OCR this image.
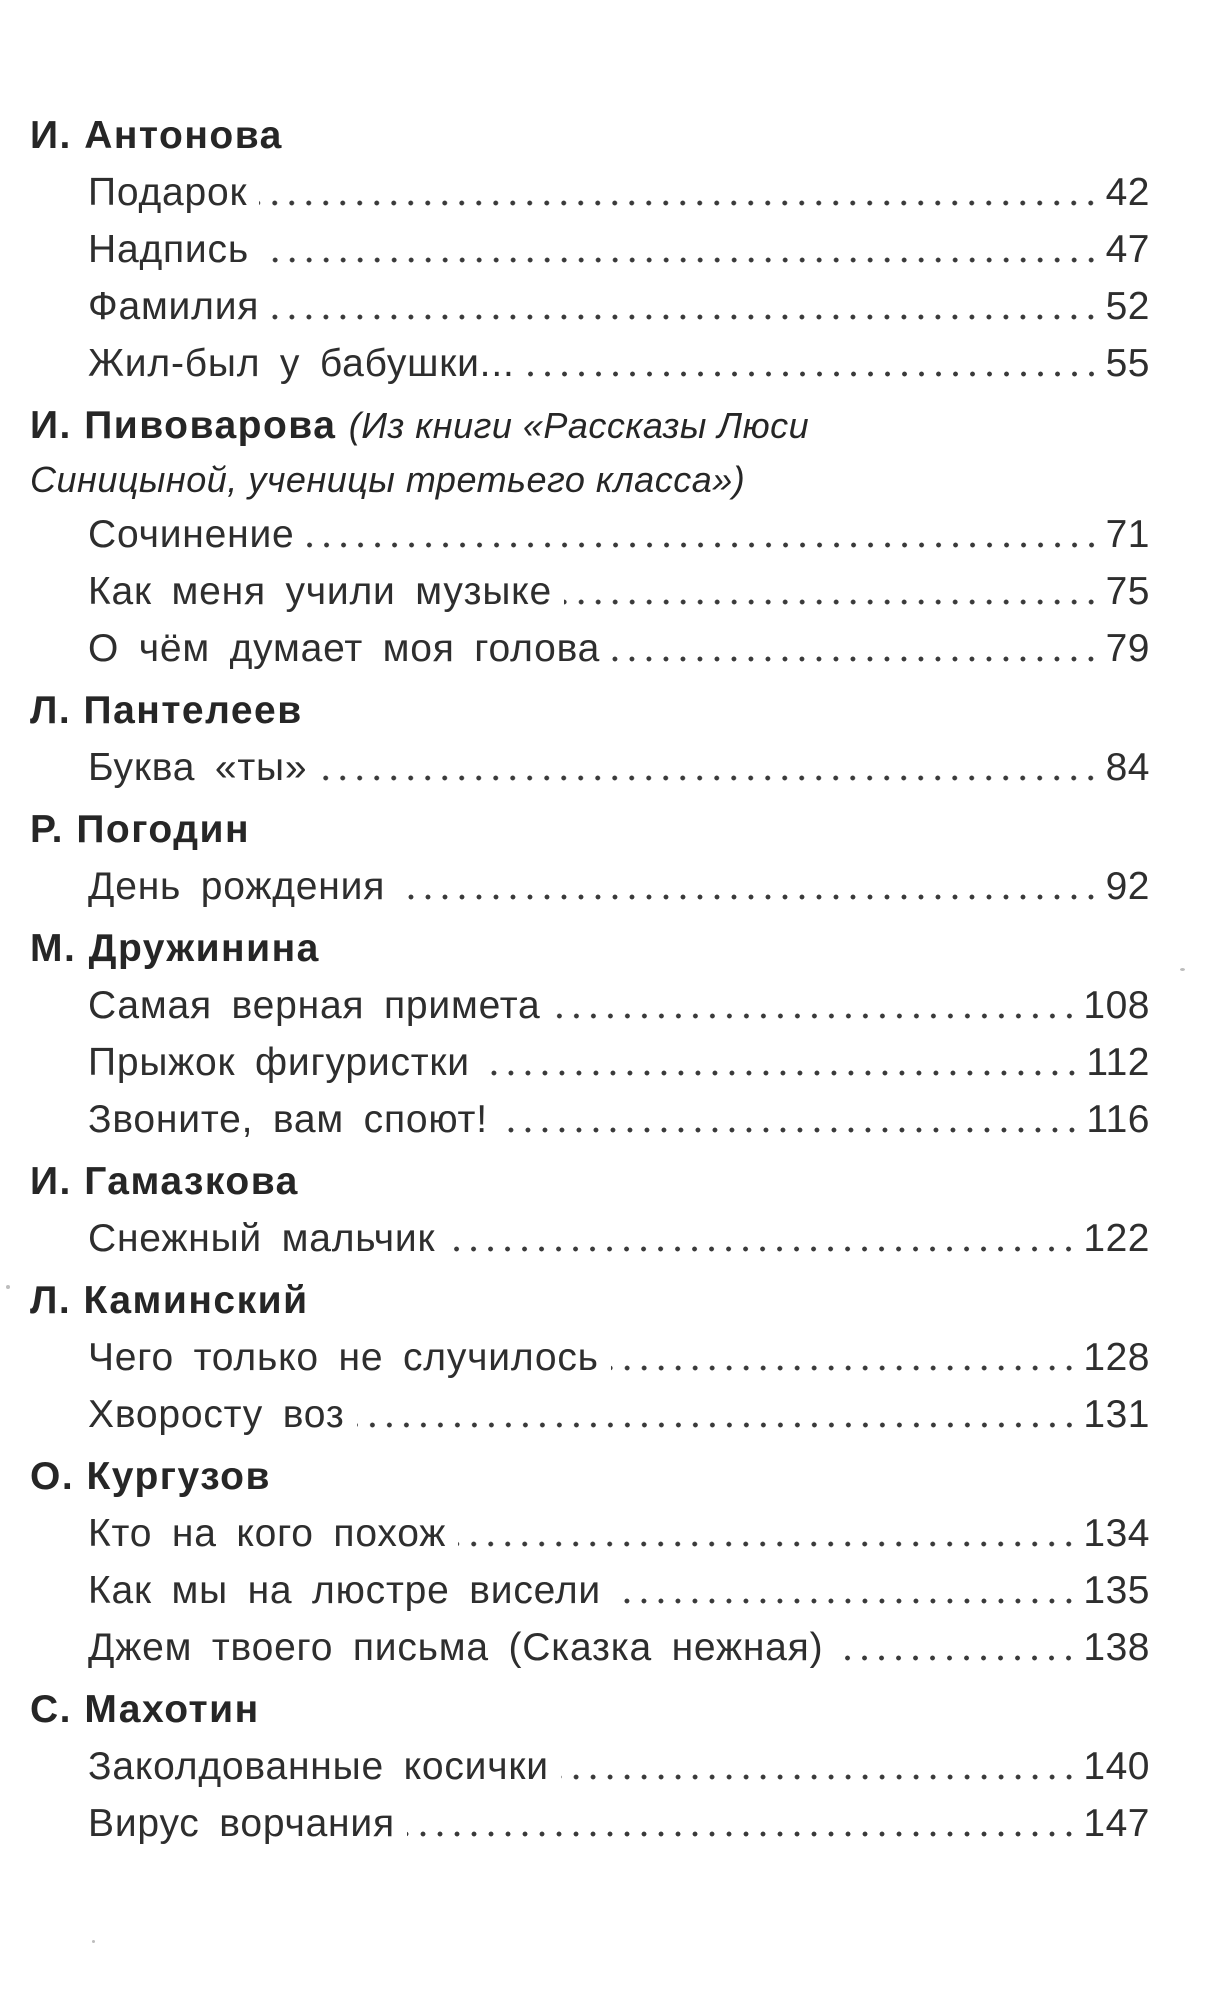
И. Антонова
Подарок	42
Надпись	47
Фамилия	52
Жил-был у бабушки...	55
И. Пивоварова (Из книги «Рассказы Люси
Синицыной, ученицы третьего класса»)
Сочинение	71
Как меня учили музыке	75
О чём думает моя голова	79
Л. Пантелеев
Буква «ты»	84
Р. Погодин
День рождения	92
М. Дружинина
Самая верная примета	108
Прыжок фигуристки	112
Звоните, вам споют!	116
И. Гамазкова
Снежный мальчик	122
Л. Каминский
Чего только не случилось	128
Хворосту воз	131
О. Кургузов
Кто на кого похож	134
Как мы на люстре висели	135
Джем твоего письма (Сказка нежная)	138
С. Махотин
Заколдованные косички	140
Вирус ворчания	147
